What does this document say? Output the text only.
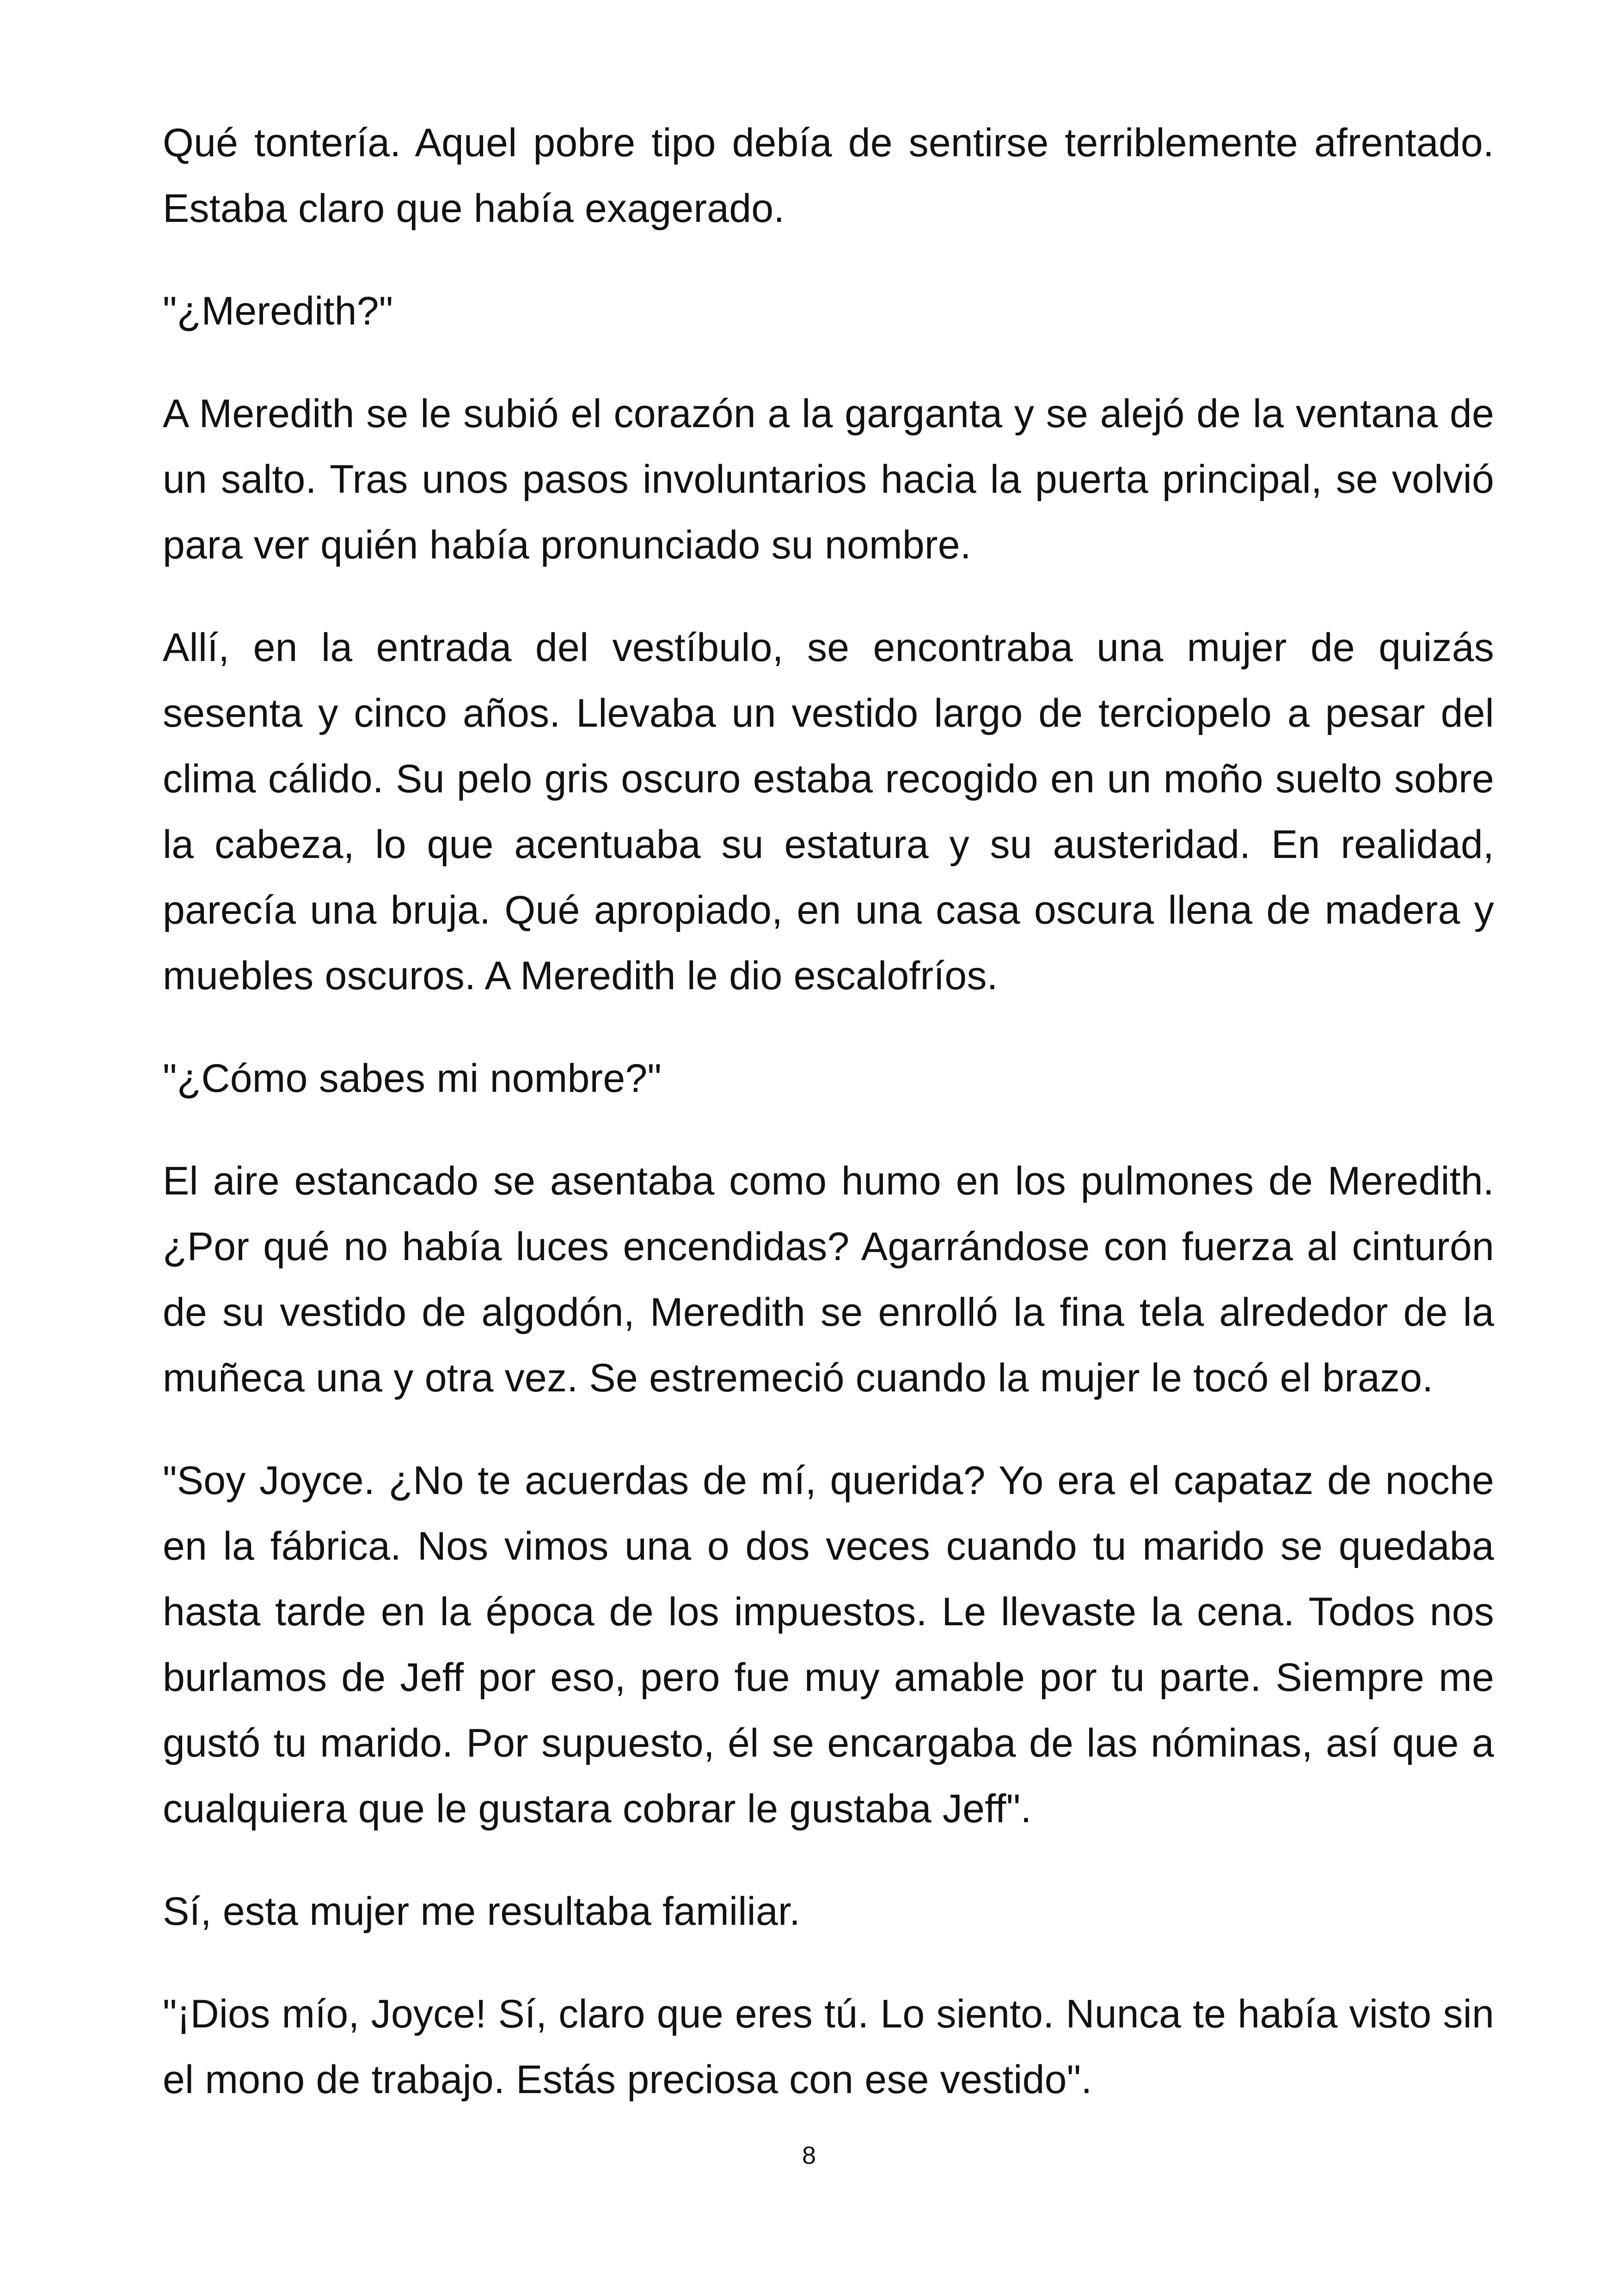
Qué tontería. Aquel pobre tipo debía de sentirse terriblemente afrentado. Estaba claro que había exagerado.

"¿Meredith?"

A Meredith se le subió el corazón a la garganta y se alejó de la ventana de un salto. Tras unos pasos involuntarios hacia la puerta principal, se volvió para ver quién había pronunciado su nombre.

Allí, en la entrada del vestíbulo, se encontraba una mujer de quizás sesenta y cinco años. Llevaba un vestido largo de terciopelo a pesar del clima cálido. Su pelo gris oscuro estaba recogido en un moño suelto sobre la cabeza, lo que acentuaba su estatura y su austeridad. En realidad, parecía una bruja. Qué apropiado, en una casa oscura llena de madera y muebles oscuros. A Meredith le dio escalofríos.

"¿Cómo sabes mi nombre?"

El aire estancado se asentaba como humo en los pulmones de Meredith. ¿Por qué no había luces encendidas? Agarrándose con fuerza al cinturón de su vestido de algodón, Meredith se enrolló la fina tela alrededor de la muñeca una y otra vez. Se estremeció cuando la mujer le tocó el brazo.

"Soy Joyce. ¿No te acuerdas de mí, querida? Yo era el capataz de noche en la fábrica. Nos vimos una o dos veces cuando tu marido se quedaba hasta tarde en la época de los impuestos. Le llevaste la cena. Todos nos burlamos de Jeff por eso, pero fue muy amable por tu parte. Siempre me gustó tu marido. Por supuesto, él se encargaba de las nóminas, así que a cualquiera que le gustara cobrar le gustaba Jeff".

Sí, esta mujer me resultaba familiar.

"¡Dios mío, Joyce! Sí, claro que eres tú. Lo siento. Nunca te había visto sin el mono de trabajo. Estás preciosa con ese vestido".

8
